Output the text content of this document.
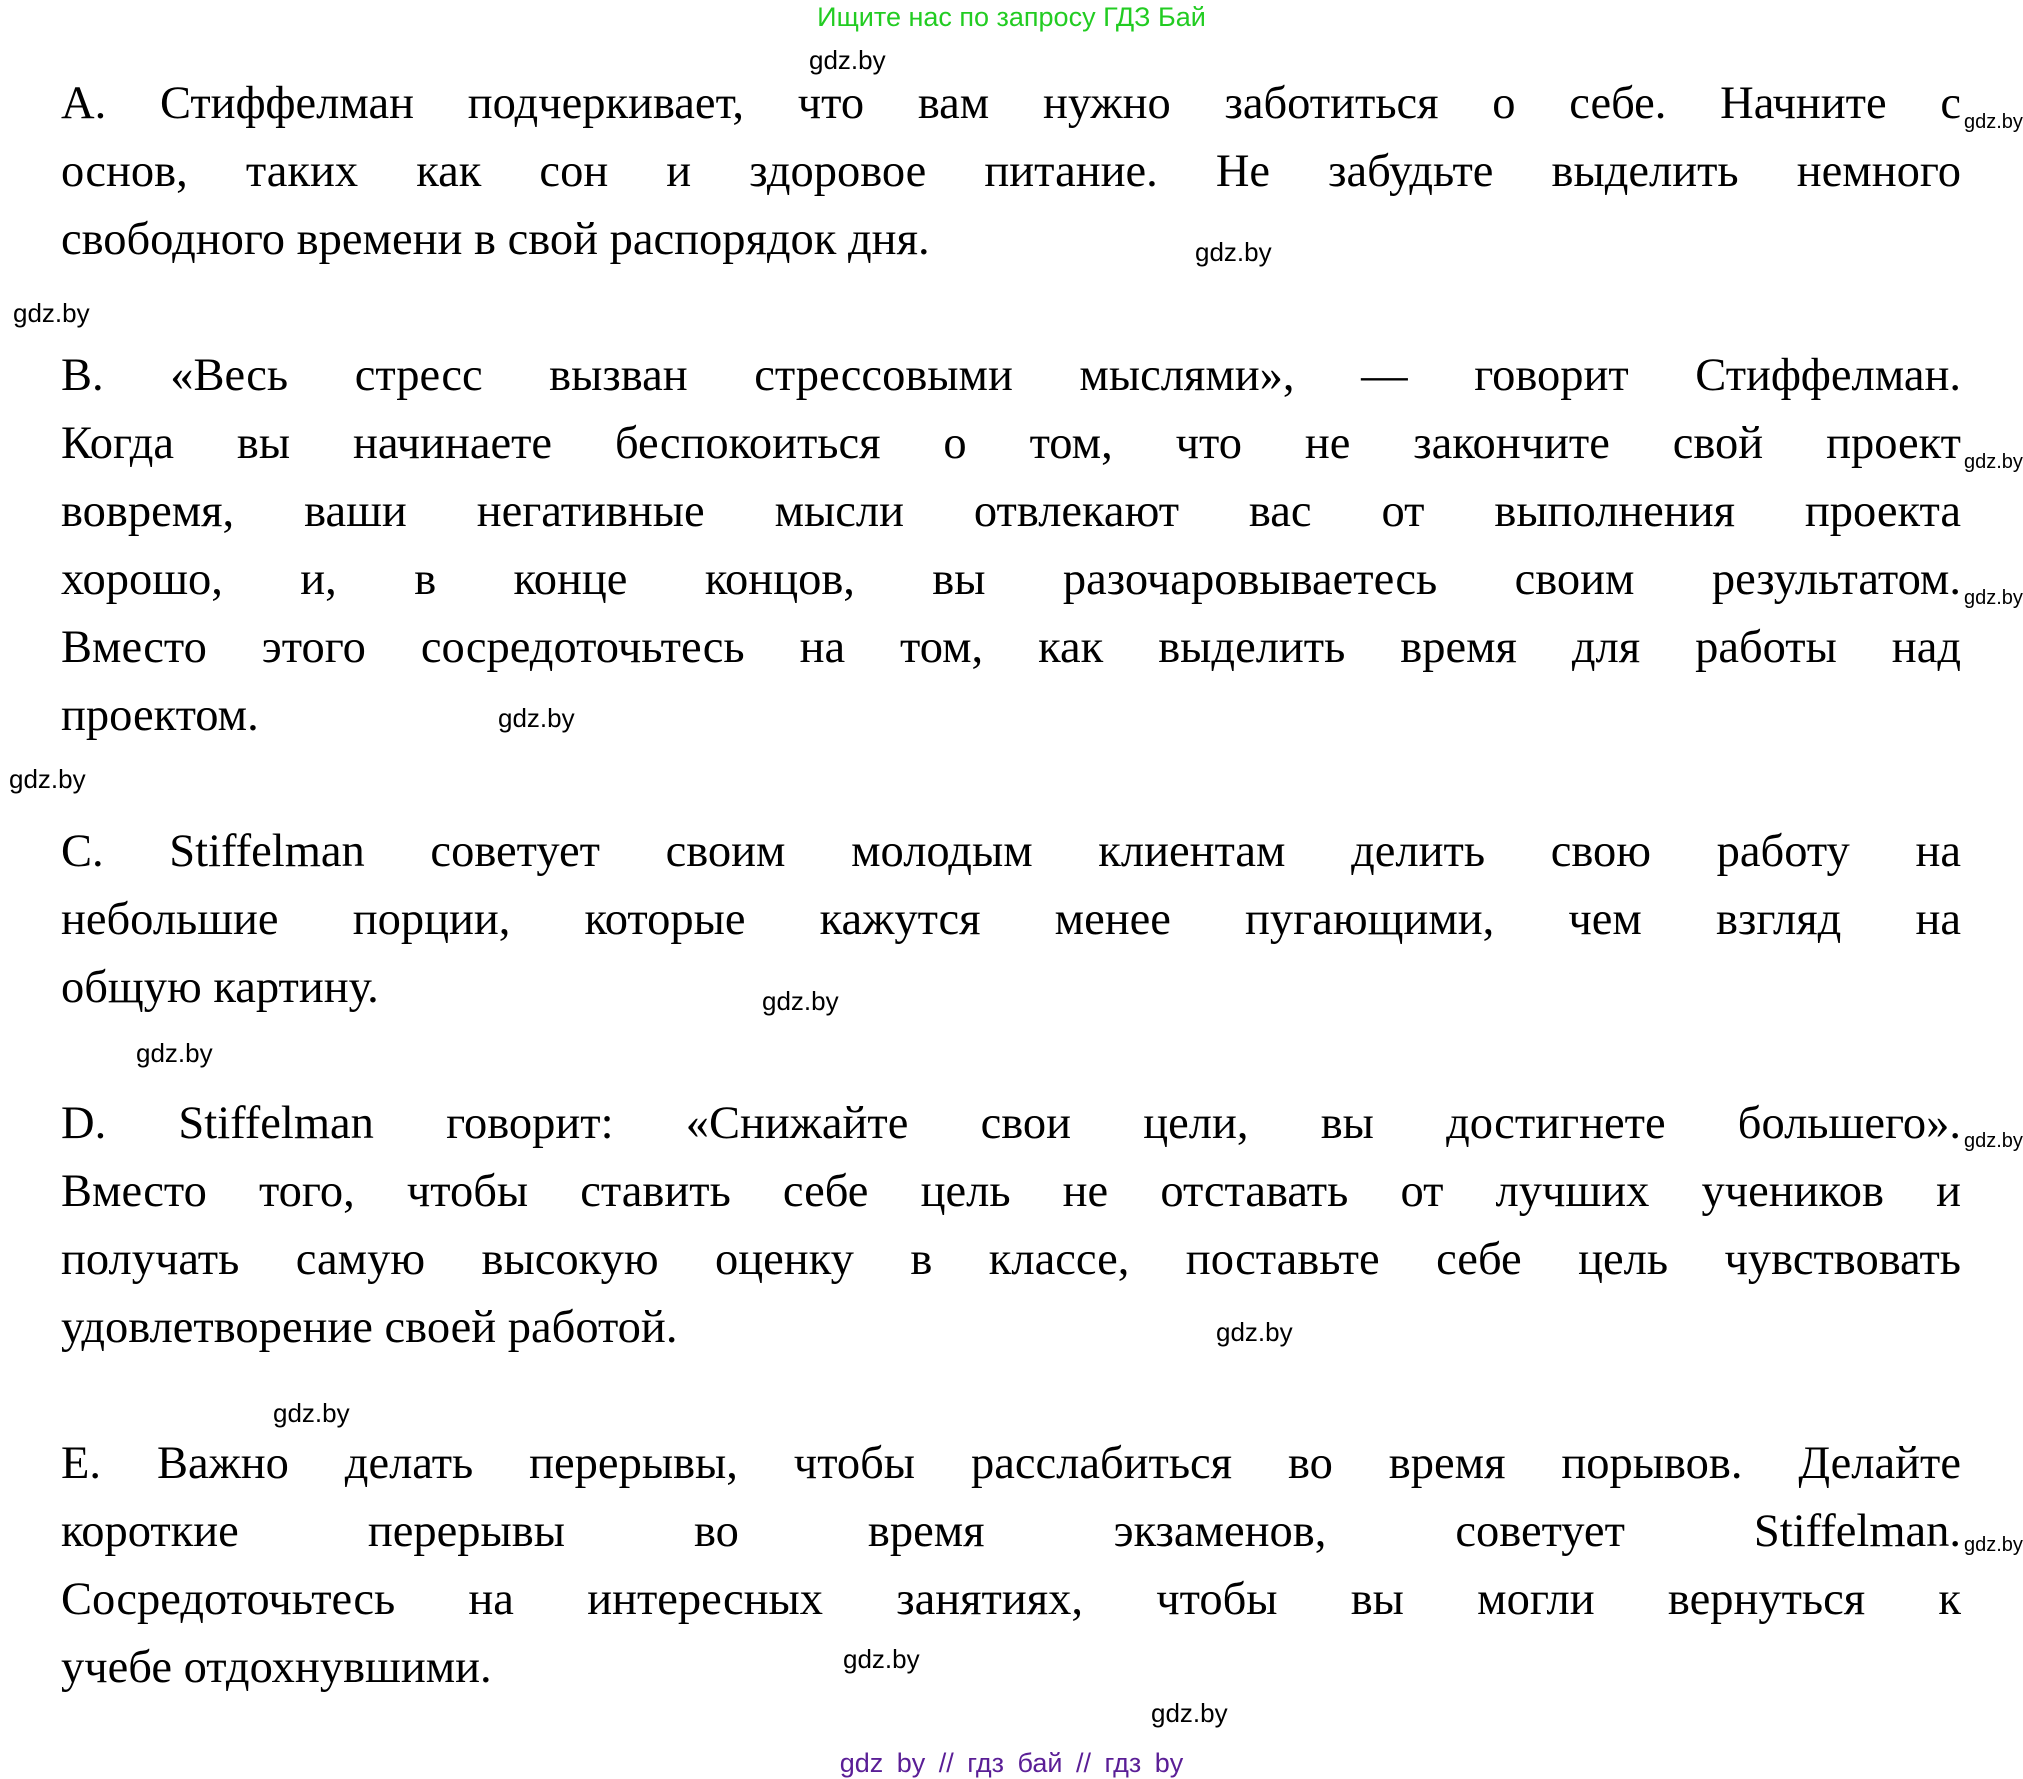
Ищите нас по запросу ГДЗ Бай
А. Стиффелман подчеркивает, что вам нужно заботиться о себе. Начните с
основ, таких как сон и здоровое питание. Не забудьте выделить немного
свободного времени в свой распорядок дня.
B. «Весь стресс вызван стрессовыми мыслями», — говорит Стиффелман.
Когда вы начинаете беспокоиться о том, что не закончите свой проект
вовремя, ваши негативные мысли отвлекают вас от выполнения проекта
хорошо, и, в конце концов, вы разочаровываетесь своим результатом.
Вместо этого сосредоточьтесь на том, как выделить время для работы над
проектом.
C. Stiffelman советует своим молодым клиентам делить свою работу на
небольшие порции, которые кажутся менее пугающими, чем взгляд на
общую картину.
D. Stiffelman говорит: «Снижайте свои цели, вы достигнете большего».
Вместо того, чтобы ставить себе цель не отставать от лучших учеников и
получать самую высокую оценку в классе, поставьте себе цель чувствовать
удовлетворение своей работой.
E. Важно делать перерывы, чтобы расслабиться во время порывов. Делайте
короткие перерывы во время экзаменов, советует Stiffelman.
Сосредоточьтесь на интересных занятиях, чтобы вы могли вернуться к
учебе отдохнувшими.
gdz.by
gdz.by
gdz.by
gdz.by
gdz.by
gdz.by
gdz.by
gdz.by
gdz.by
gdz.by
gdz.by
gdz.by
gdz.by
gdz.by
gdz.by
gdz.by
gdz by // гдз бай // гдз by
